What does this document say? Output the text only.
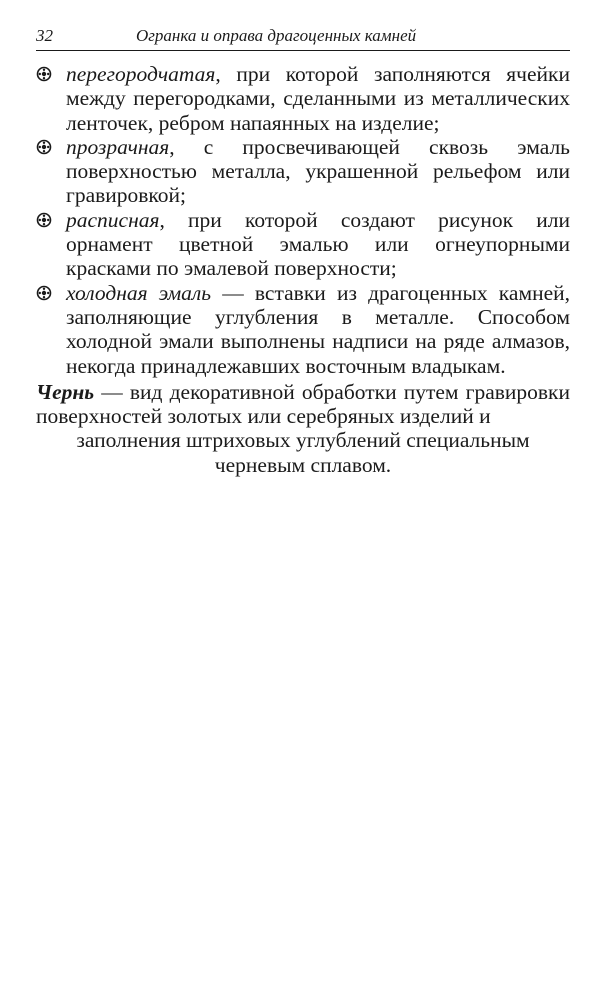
32	Огранка и оправа драгоценных камней
перегородчатая, при которой заполняются ячейки между перегородками, сделанными из металлических ленточек, ребром напаянных на изделие;
прозрачная, с просвечивающей сквозь эмаль поверхностью металла, украшенной рельефом или гравировкой;
расписная, при которой создают рисунок или орнамент цветной эмалью или огнеупорными красками по эмалевой поверхности;
холодная эмаль — вставки из драгоценных камней, заполняющие углубления в металле. Способом холодной эмали выполнены надписи на ряде алмазов, некогда принадлежавших восточным владыкам.
Чернь — вид декоративной обработки путем гравировки поверхностей золотых или серебряных изделий и
заполнения штриховых углублений специальным
черневым сплавом.
